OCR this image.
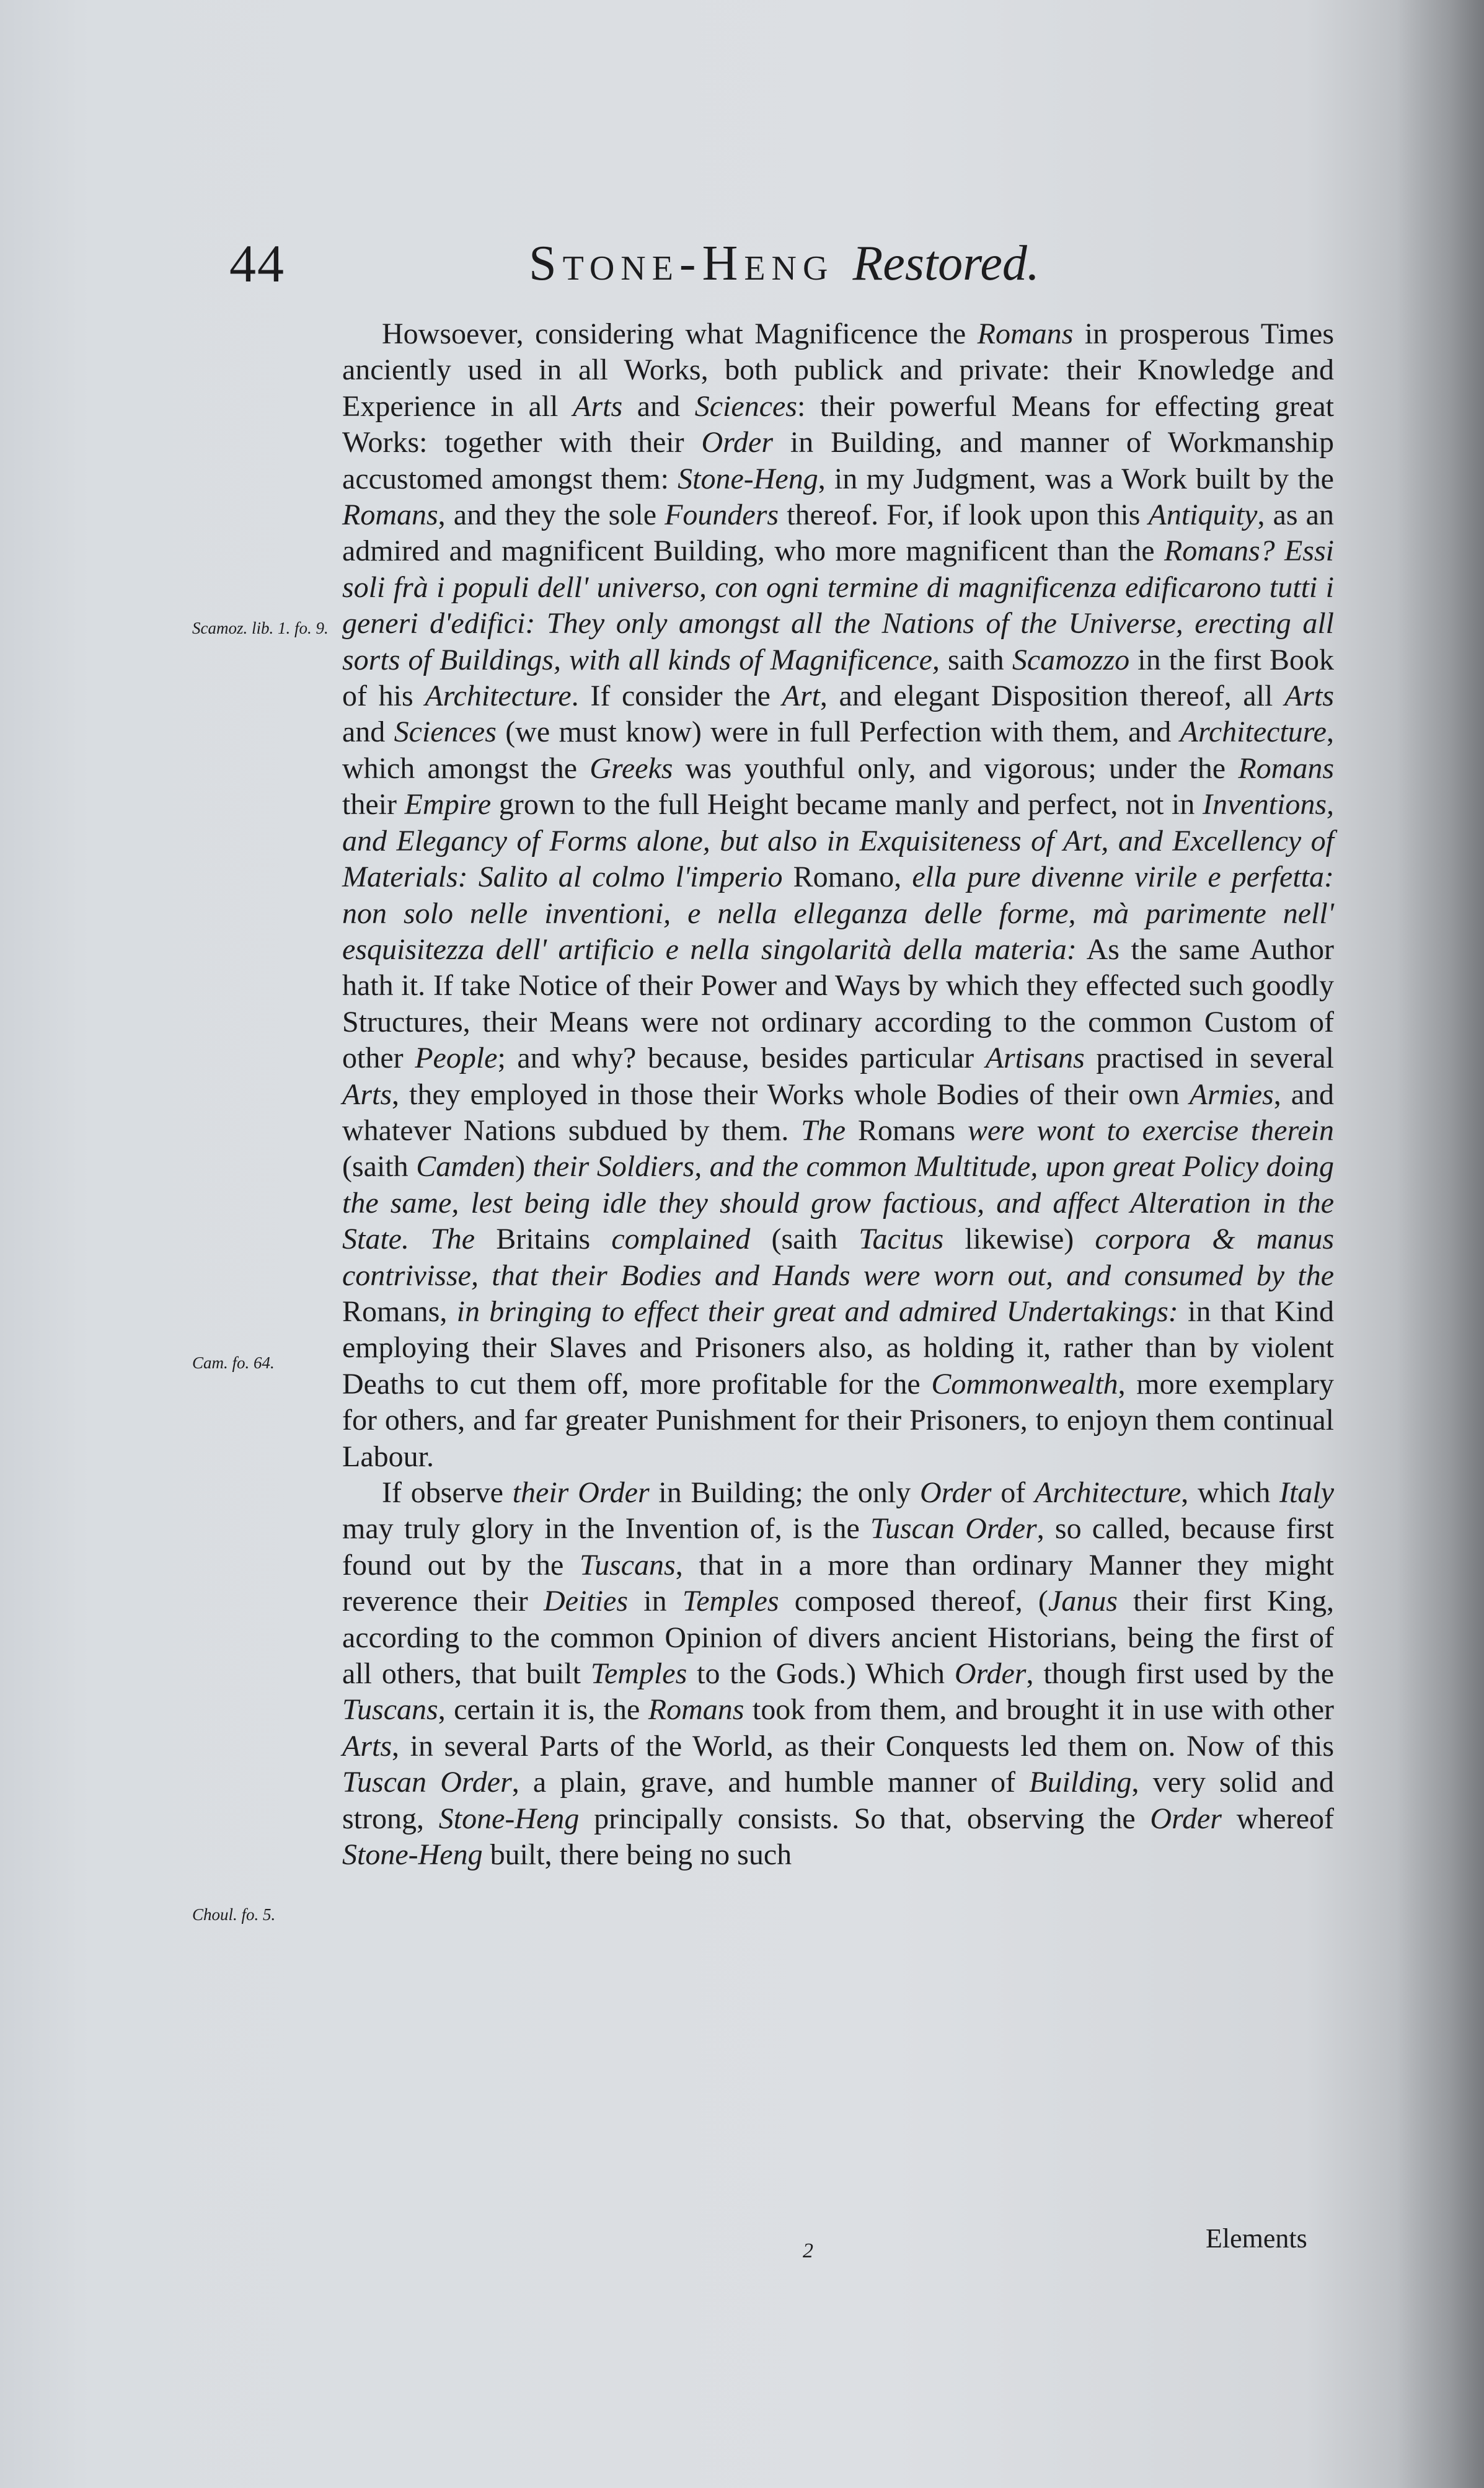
44	Stone-Heng Restored.
Scamoz. lib. 1. fo. 9.
Cam. fo. 64.
Choul. fo. 5.

Howsoever, considering what Magnificence the Romans in prosperous Times anciently used in all Works, both publick and private: their Knowledge and Experience in all Arts and Sciences: their powerful Means for effecting great Works: together with their Order in Building, and manner of Workmanship accustomed amongst them: Stone-Heng, in my Judgment, was a Work built by the Romans, and they the sole Founders thereof. For, if look upon this Antiquity, as an admired and magnificent Building, who more magnificent than the Romans? Essi soli frà i populi dell' universo, con ogni termine di magnificenza edificarono tutti i generi d'edifici: They only amongst all the Nations of the Universe, erecting all sorts of Buildings, with all kinds of Magnificence, saith Scamozzo in the first Book of his Architecture. If consider the Art, and elegant Disposition thereof, all Arts and Sciences (we must know) were in full Perfection with them, and Architecture, which amongst the Greeks was youthful only, and vigorous; under the Romans their Empire grown to the full Height became manly and perfect, not in Inventions, and Elegancy of Forms alone, but also in Exquisiteness of Art, and Excellency of Materials: Salito al colmo l'imperio Romano, ella pure divenne virile e perfetta: non solo nelle inventioni, e nella elleganza delle forme, mà parimente nell' esquisitezza dell' artificio e nella singolarità della materia: As the same Author hath it. If take Notice of their Power and Ways by which they effected such goodly Structures, their Means were not ordinary according to the common Custom of other People; and why? because, besides particular Artisans practised in several Arts, they employed in those their Works whole Bodies of their own Armies, and whatever Nations subdued by them. The Romans were wont to exercise therein (saith Camden) their Soldiers, and the common Multitude, upon great Policy doing the same, lest being idle they should grow factious, and affect Alteration in the State. The Britains complained (saith Tacitus likewise) corpora & manus contrivisse, that their Bodies and Hands were worn out, and consumed by the Romans, in bringing to effect their great and admired Undertakings: in that Kind employing their Slaves and Prisoners also, as holding it, rather than by violent Deaths to cut them off, more profitable for the Commonwealth, more exemplary for others, and far greater Punishment for their Prisoners, to enjoyn them continual Labour.

If observe their Order in Building; the only Order of Architecture, which Italy may truly glory in the Invention of, is the Tuscan Order, so called, because first found out by the Tuscans, that in a more than ordinary Manner they might reverence their Deities in Temples composed thereof, (Janus their first King, according to the common Opinion of divers ancient Historians, being the first of all others, that built Temples to the Gods.) Which Order, though first used by the Tuscans, certain it is, the Romans took from them, and brought it in use with other Arts, in several Parts of the World, as their Conquests led them on. Now of this Tuscan Order, a plain, grave, and humble manner of Building, very solid and strong, Stone-Heng principally consists. So that, observing the Order whereof Stone-Heng built, there being no such

2	Elements
